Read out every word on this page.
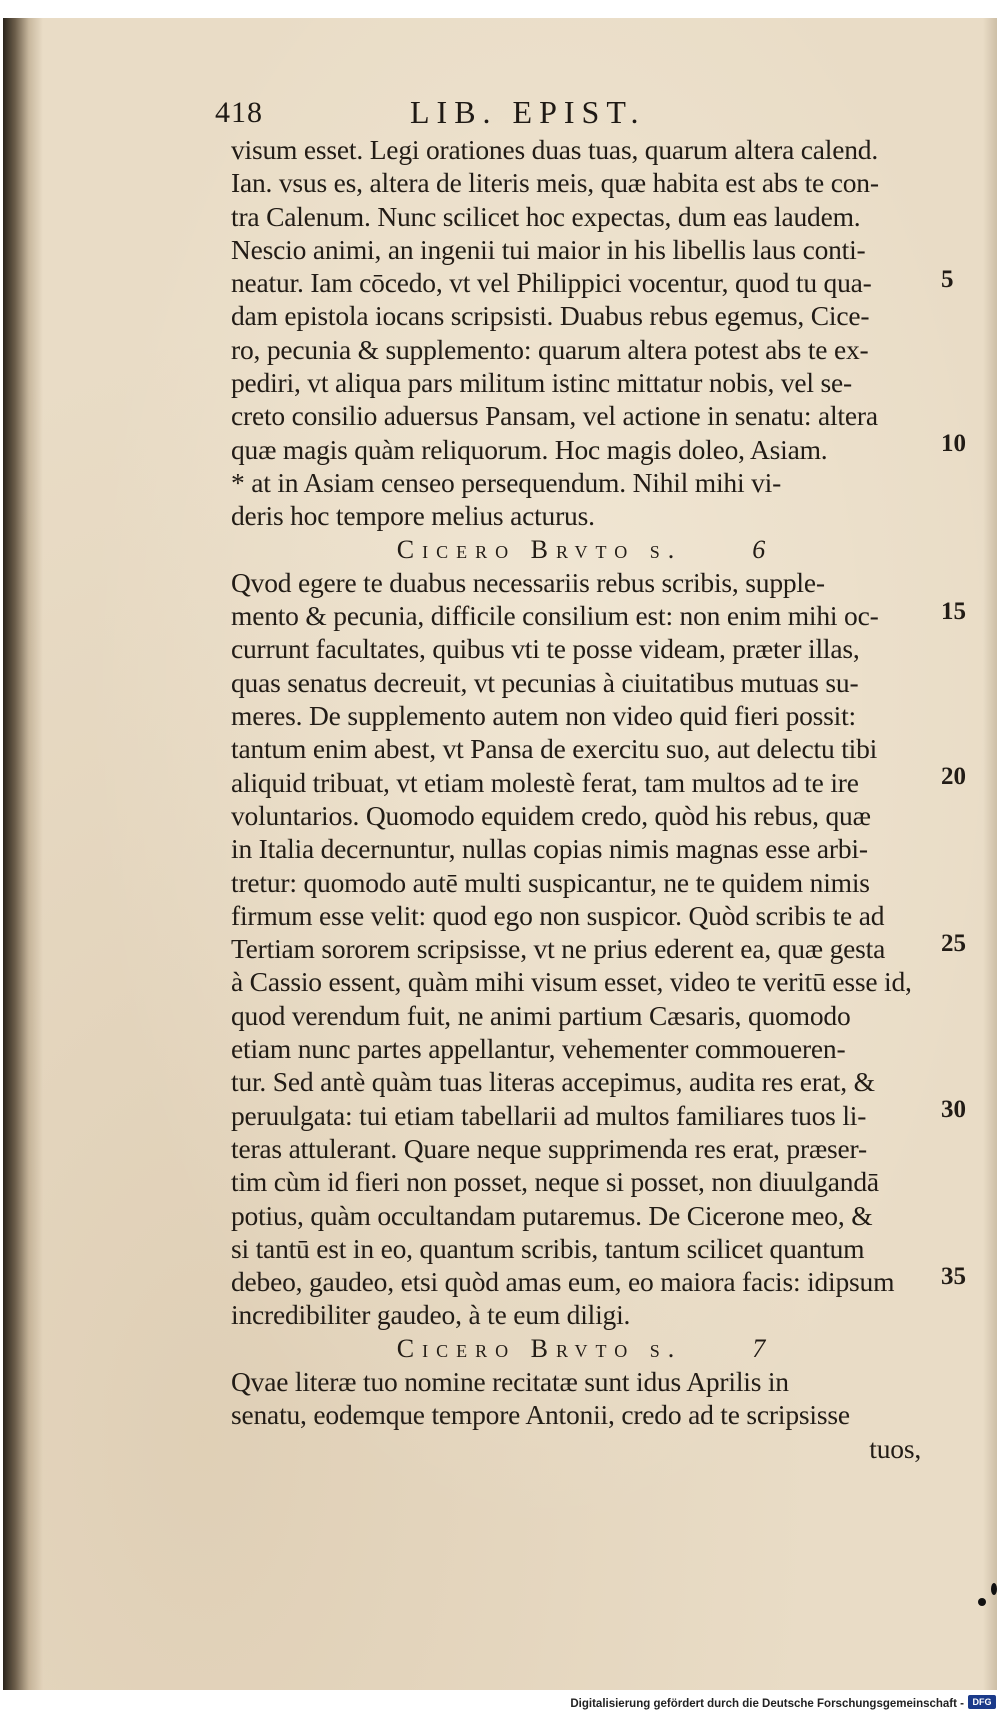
418	LIB. EPIST.
visum esset. Legi orationes duas tuas, quarum altera calend.
Ian. vsus es, altera de literis meis, quæ habita est abs te con-
tra Calenum. Nunc scilicet hoc expectas, dum eas laudem.
Nescio animi, an ingenii tui maior in his libellis laus conti-
neatur. Iam cōcedo, vt vel Philippici vocentur, quod tu qua-
dam epistola iocans scripsisti. Duabus rebus egemus, Cice-
ro, pecunia & supplemento: quarum altera potest abs te ex-
pediri, vt aliqua pars militum istinc mittatur nobis, vel se-
creto consilio aduersus Pansam, vel actione in senatu: altera
quæ magis quàm reliquorum. Hoc magis doleo, Asiam.
* at in Asiam censeo persequendum. Nihil mihi vi-
deris hoc tempore melius acturus.
Cicero Brvto s.	6
Qvod egere te duabus necessariis rebus scribis, supple-
mento & pecunia, difficile consilium est: non enim mihi oc-
currunt facultates, quibus vti te posse videam, præter illas,
quas senatus decreuit, vt pecunias à ciuitatibus mutuas su-
meres. De supplemento autem non video quid fieri possit:
tantum enim abest, vt Pansa de exercitu suo, aut delectu tibi
aliquid tribuat, vt etiam molestè ferat, tam multos ad te ire
voluntarios. Quomodo equidem credo, quòd his rebus, quæ
in Italia decernuntur, nullas copias nimis magnas esse arbi-
tretur: quomodo autē multi suspicantur, ne te quidem nimis
firmum esse velit: quod ego non suspicor. Quòd scribis te ad
Tertiam sororem scripsisse, vt ne prius ederent ea, quæ gesta
à Cassio essent, quàm mihi visum esset, video te veritū esse id,
quod verendum fuit, ne animi partium Cæsaris, quomodo
etiam nunc partes appellantur, vehementer commoueren-
tur. Sed antè quàm tuas literas accepimus, audita res erat, &
peruulgata: tui etiam tabellarii ad multos familiares tuos li-
teras attulerant. Quare neque supprimenda res erat, præser-
tim cùm id fieri non posset, neque si posset, non diuulgandā
potius, quàm occultandam putaremus. De Cicerone meo, &
si tantū est in eo, quantum scribis, tantum scilicet quantum
debeo, gaudeo, etsi quòd amas eum, eo maiora facis: idipsum
incredibiliter gaudeo, à te eum diligi.
Cicero Brvto s.	7
Qvae literæ tuo nomine recitatæ sunt idus Aprilis in
senatu, eodemque tempore Antonii, credo ad te scripsisse
tuos,
5
10
15
20
25
30
35
Digitalisierung gefördert durch die Deutsche Forschungsgemeinschaft - DFG
